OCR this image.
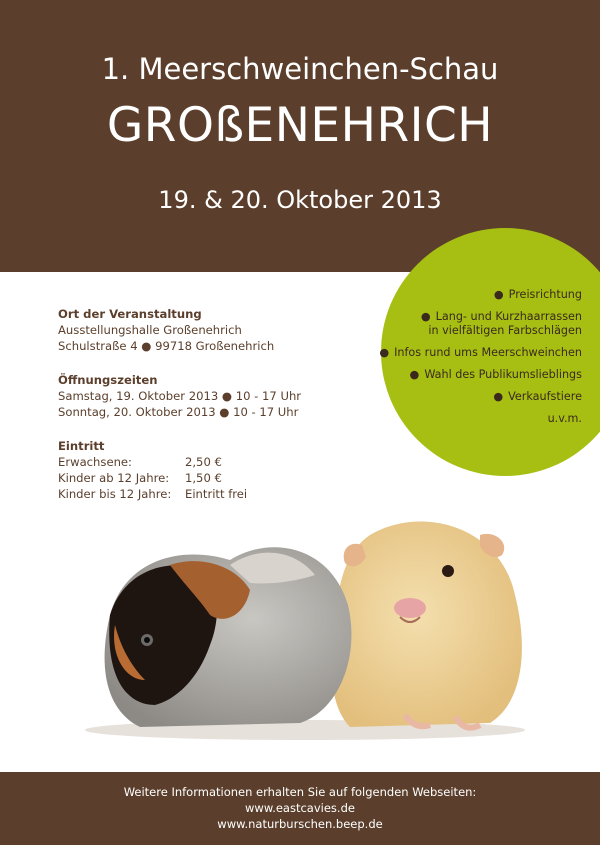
1. Meerschweinchen-Schau
GROßENEHRICH
19. & 20. Oktober 2013
● Preisrichtung
● Lang- und Kurzhaarrassen
in vielfältigen Farbschlägen
● Infos rund ums Meerschweinchen
● Wahl des Publikumslieblings
● Verkaufstiere
u.v.m.
Ort der Veranstaltung
Ausstellungshalle Großenehrich
Schulstraße 4 ● 99718 Großenehrich
Öffnungszeiten
Samstag, 19. Oktober 2013 ● 10 - 17 Uhr
Sonntag, 20. Oktober 2013 ● 10 - 17 Uhr
Eintritt
Erwachsene:	2,50 €
Kinder ab 12 Jahre:	1,50 €
Kinder bis 12 Jahre:	Eintritt frei
Weitere Informationen erhalten Sie auf folgenden Webseiten:
www.eastcavies.de
www.naturburschen.beep.de
